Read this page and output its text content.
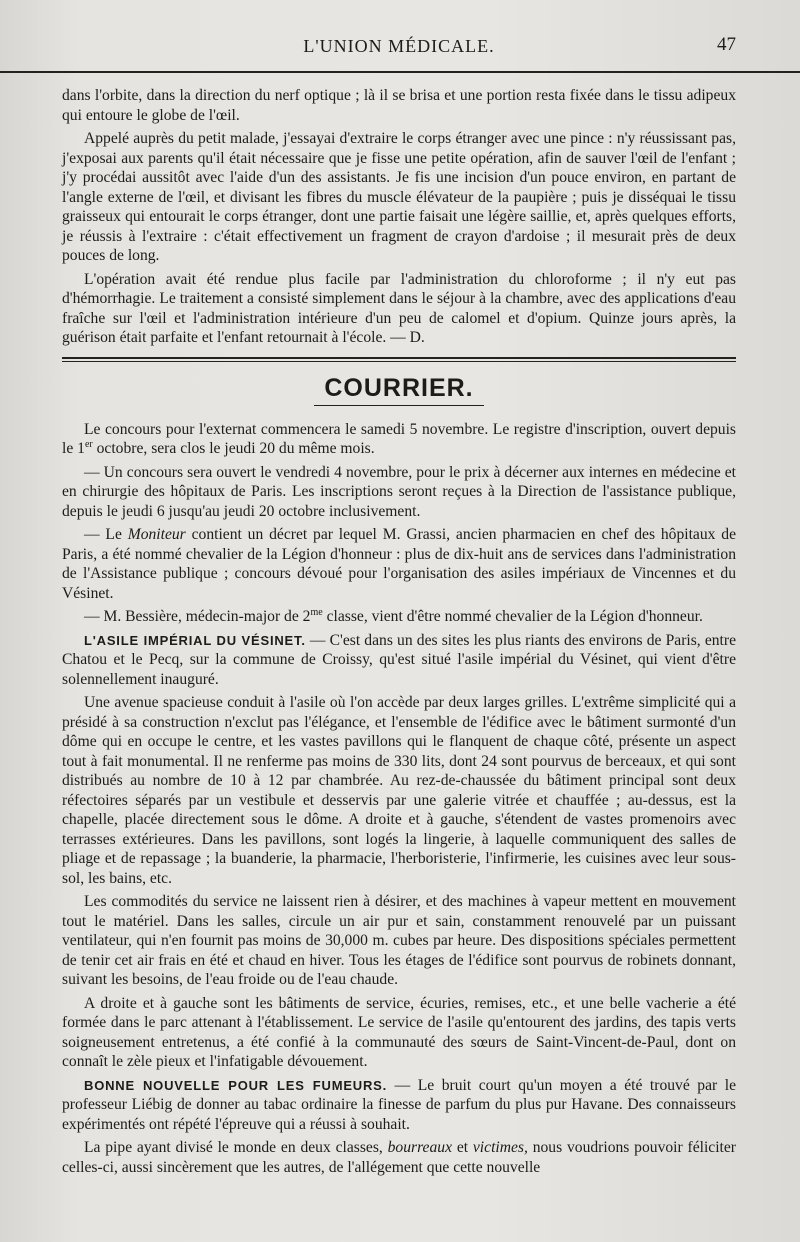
L'UNION MÉDICALE.	47

dans l'orbite, dans la direction du nerf optique ; là il se brisa et une portion resta fixée dans le tissu adipeux qui entoure le globe de l'œil.

Appelé auprès du petit malade, j'essayai d'extraire le corps étranger avec une pince : n'y réussissant pas, j'exposai aux parents qu'il était nécessaire que je fisse une petite opération, afin de sauver l'œil de l'enfant ; j'y procédai aussitôt avec l'aide d'un des assistants. Je fis une incision d'un pouce environ, en partant de l'angle externe de l'œil, et divisant les fibres du muscle élévateur de la paupière ; puis je disséquai le tissu graisseux qui entourait le corps étranger, dont une partie faisait une légère saillie, et, après quelques efforts, je réussis à l'extraire : c'était effectivement un fragment de crayon d'ardoise ; il mesurait près de deux pouces de long.

L'opération avait été rendue plus facile par l'administration du chloroforme ; il n'y eut pas d'hémorrhagie. Le traitement a consisté simplement dans le séjour à la chambre, avec des applications d'eau fraîche sur l'œil et l'administration intérieure d'un peu de calomel et d'opium. Quinze jours après, la guérison était parfaite et l'enfant retournait à l'école. — D.

COURRIER.

Le concours pour l'externat commencera le samedi 5 novembre. Le registre d'inscription, ouvert depuis le 1er octobre, sera clos le jeudi 20 du même mois.

— Un concours sera ouvert le vendredi 4 novembre, pour le prix à décerner aux internes en médecine et en chirurgie des hôpitaux de Paris. Les inscriptions seront reçues à la Direction de l'assistance publique, depuis le jeudi 6 jusqu'au jeudi 20 octobre inclusivement.

— Le Moniteur contient un décret par lequel M. Grassi, ancien pharmacien en chef des hôpitaux de Paris, a été nommé chevalier de la Légion d'honneur : plus de dix-huit ans de services dans l'administration de l'Assistance publique ; concours dévoué pour l'organisation des asiles impériaux de Vincennes et du Vésinet.

— M. Bessière, médecin-major de $2^{me}$ classe, vient d'être nommé chevalier de la Légion d'honneur.

L'ASILE IMPÉRIAL DU VÉSINET. — C'est dans un des sites les plus riants des environs de Paris, entre Chatou et le Pecq, sur la commune de Croissy, qu'est situé l'asile impérial du Vésinet, qui vient d'être solennellement inauguré.

Une avenue spacieuse conduit à l'asile où l'on accède par deux larges grilles. L'extrême simplicité qui a présidé à sa construction n'exclut pas l'élégance, et l'ensemble de l'édifice avec le bâtiment surmonté d'un dôme qui en occupe le centre, et les vastes pavillons qui le flanquent de chaque côté, présente un aspect tout à fait monumental. Il ne renferme pas moins de 330 lits, dont 24 sont pourvus de berceaux, et qui sont distribués au nombre de 10 à 12 par chambrée. Au rez-de-chaussée du bâtiment principal sont deux réfectoires séparés par un vestibule et desservis par une galerie vitrée et chauffée ; au-dessus, est la chapelle, placée directement sous le dôme. A droite et à gauche, s'étendent de vastes promenoirs avec terrasses extérieures. Dans les pavillons, sont logés la lingerie, à laquelle communiquent des salles de pliage et de repassage ; la buanderie, la pharmacie, l'herboristerie, l'infirmerie, les cuisines avec leur sous-sol, les bains, etc.

Les commodités du service ne laissent rien à désirer, et des machines à vapeur mettent en mouvement tout le matériel. Dans les salles, circule un air pur et sain, constamment renouvelé par un puissant ventilateur, qui n'en fournit pas moins de 30,000 m. cubes par heure. Des dispositions spéciales permettent de tenir cet air frais en été et chaud en hiver. Tous les étages de l'édifice sont pourvus de robinets donnant, suivant les besoins, de l'eau froide ou de l'eau chaude.

A droite et à gauche sont les bâtiments de service, écuries, remises, etc., et une belle vacherie a été formée dans le parc attenant à l'établissement. Le service de l'asile qu'entourent des jardins, des tapis verts soigneusement entretenus, a été confié à la communauté des sœurs de Saint-Vincent-de-Paul, dont on connaît le zèle pieux et l'infatigable dévouement.

BONNE NOUVELLE POUR LES FUMEURS. — Le bruit court qu'un moyen a été trouvé par le professeur Liébig de donner au tabac ordinaire la finesse de parfum du plus pur Havane. Des connaisseurs expérimentés ont répété l'épreuve qui a réussi à souhait.

La pipe ayant divisé le monde en deux classes, bourreaux et victimes, nous voudrions pouvoir féliciter celles-ci, aussi sincèrement que les autres, de l'allégement que cette nouvelle
